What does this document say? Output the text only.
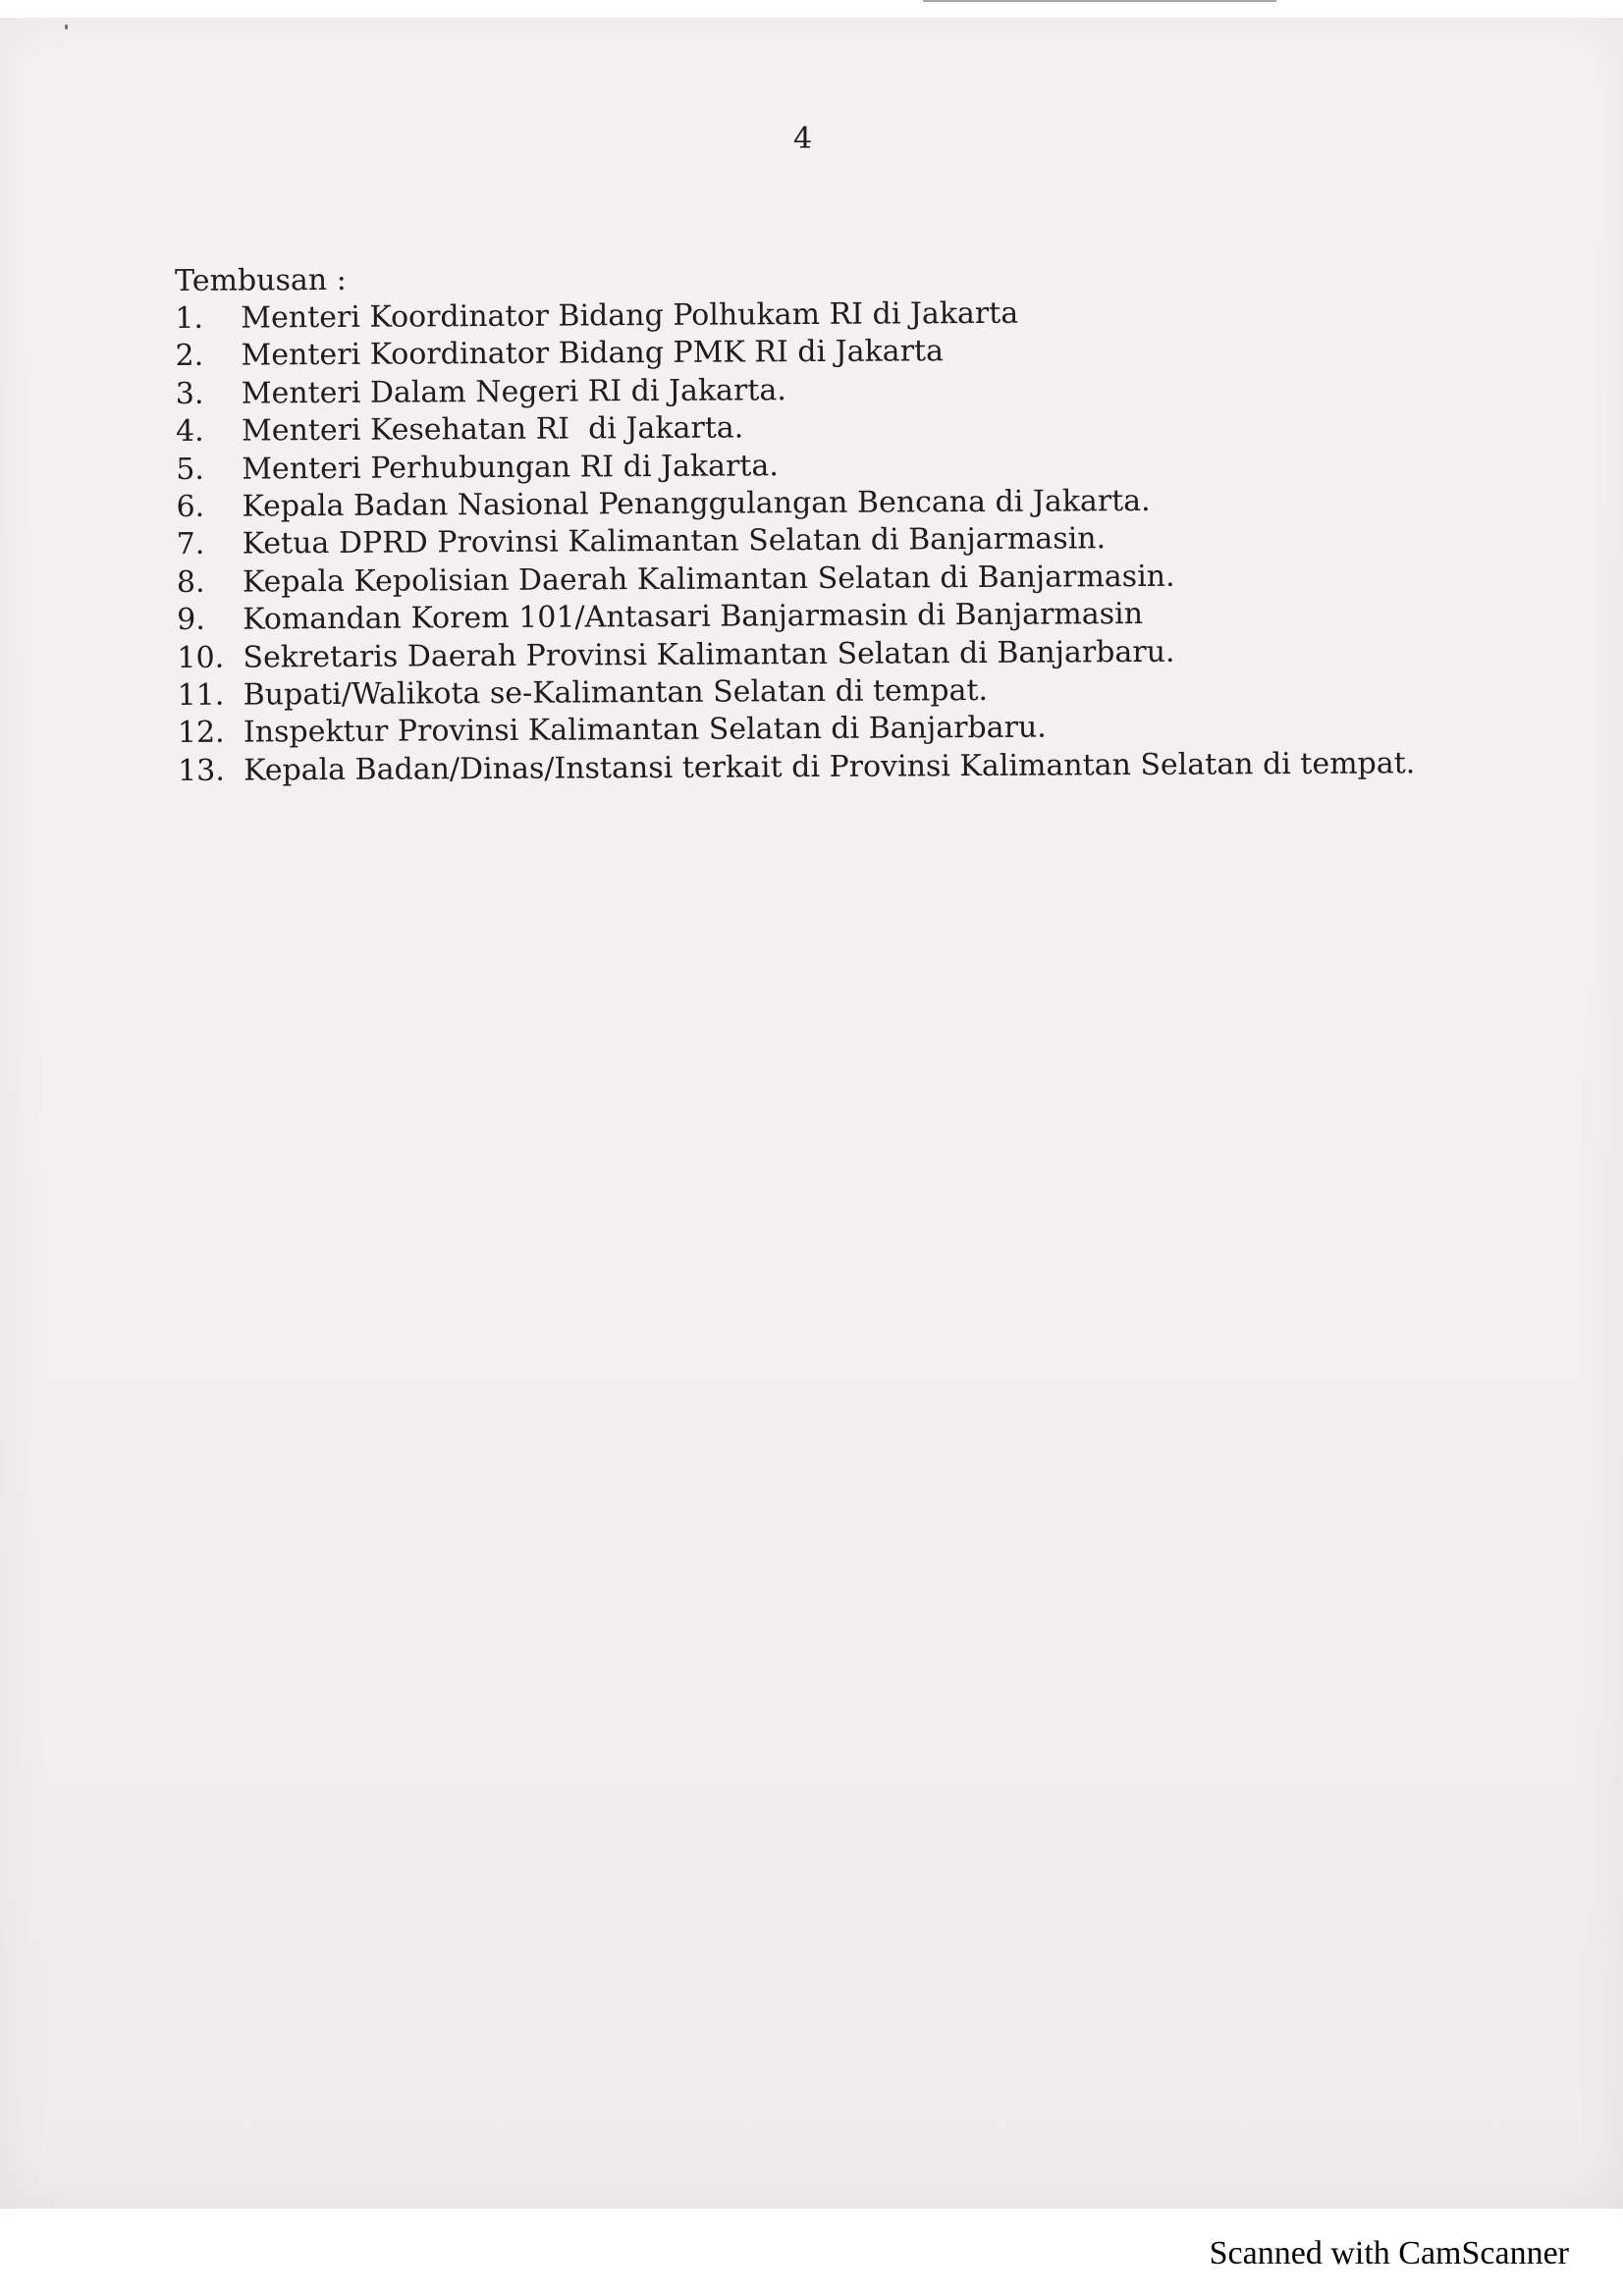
4
Tembusan :
1.	Menteri Koordinator Bidang Polhukam RI di Jakarta
2.	Menteri Koordinator Bidang PMK RI di Jakarta
3.	Menteri Dalam Negeri RI di Jakarta.
4.	Menteri Kesehatan RI  di Jakarta.
5.	Menteri Perhubungan RI di Jakarta.
6.	Kepala Badan Nasional Penanggulangan Bencana di Jakarta.
7.	Ketua DPRD Provinsi Kalimantan Selatan di Banjarmasin.
8.	Kepala Kepolisian Daerah Kalimantan Selatan di Banjarmasin.
9.	Komandan Korem 101/Antasari Banjarmasin di Banjarmasin
10. Sekretaris Daerah Provinsi Kalimantan Selatan di Banjarbaru.
11. Bupati/Walikota se-Kalimantan Selatan di tempat.
12. Inspektur Provinsi Kalimantan Selatan di Banjarbaru.
13. Kepala Badan/Dinas/Instansi terkait di Provinsi Kalimantan Selatan di tempat.
Scanned with CamScanner
